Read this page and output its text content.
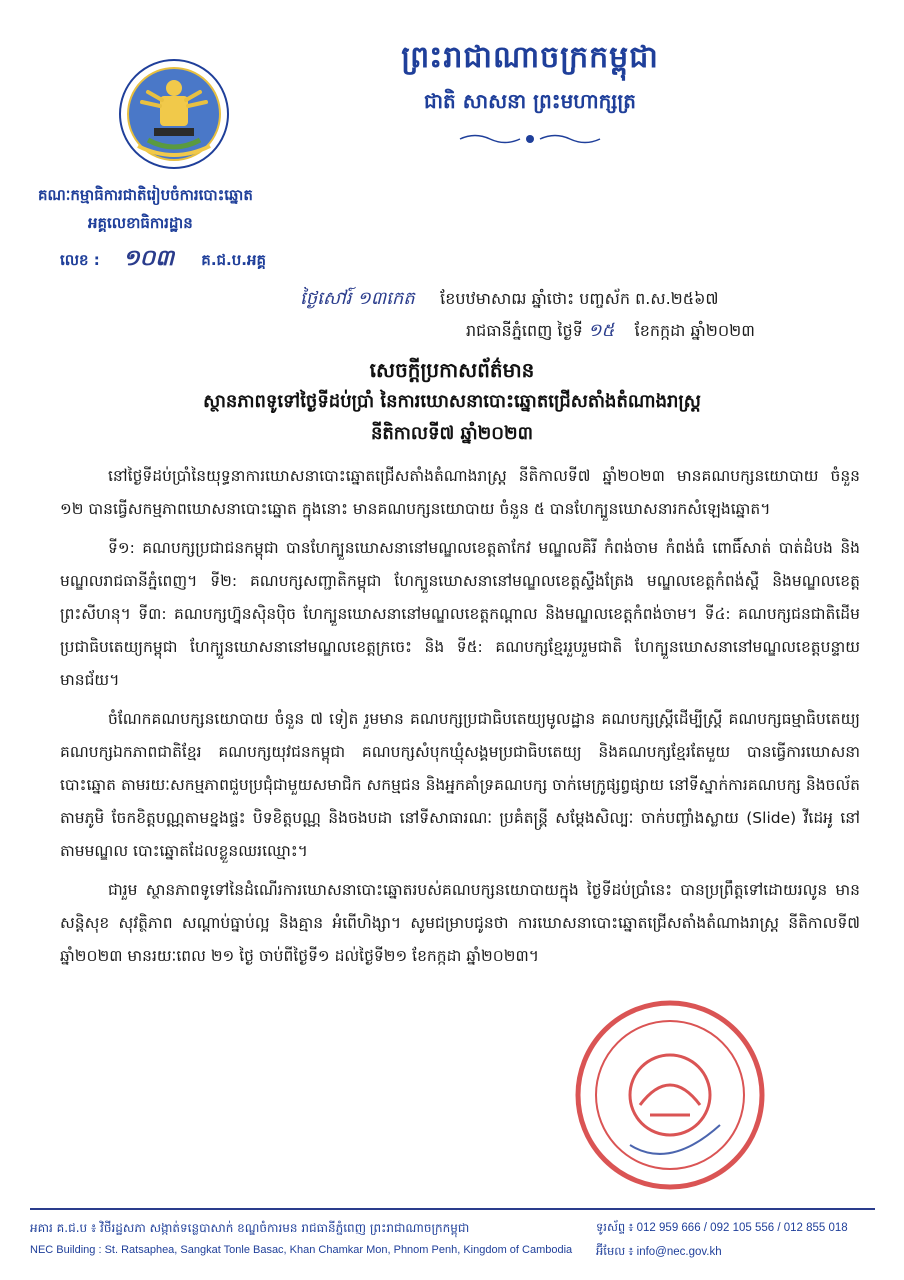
ព្រះរាជាណាចក្រកម្ពុជា
ជាតិ សាសនា ព្រះមហាក្សត្រ
គណៈកម្មាធិការជាតិរៀបចំការបោះឆ្នោត
អគ្គលេខាធិការដ្ឋាន
លេខ : ១០៣ គ.ជ.ប.អគ្គ
ថ្ងៃសៅរ៍ ១៣កេត ខែបឋមាសាឍ ឆ្នាំថោះ បញ្ចស័ក ព.ស.២៥៦៧
រាជធានីភ្នំពេញ ថ្ងៃទី ១៥ ខែកក្កដា ឆ្នាំ២០២៣
សេចក្តីប្រកាសព័ត៌មាន
ស្ថានភាពទូទៅថ្ងៃទីដប់ប្រាំ នៃការឃោសនាបោះឆ្នោតជ្រើសតាំងតំណាងរាស្ត្រ
នីតិកាលទី៧ ឆ្នាំ២០២៣

នៅថ្ងៃទីដប់ប្រាំនៃយុទ្ធនាការឃោសនាបោះឆ្នោតជ្រើសតាំងតំណាងរាស្ត្រ នីតិកាលទី៧ ឆ្នាំ២០២៣ មានគណបក្សនយោបាយ ចំនួន ១២ បានធ្វើសកម្មភាពឃោសនាបោះឆ្នោត ក្នុងនោះ មានគណបក្សនយោបាយ ចំនួន ៥ បានហែក្បួនឃោសនារកសំឡេងឆ្នោត។

ទី១: គណបក្សប្រជាជនកម្ពុជា បានហែក្បួនឃោសនានៅមណ្ឌលខេត្តតាកែវ មណ្ឌលគិរី កំពង់ចាម កំពង់ធំ ពោធិ៍សាត់ បាត់ដំបង និងមណ្ឌលរាជធានីភ្នំពេញ។ ទី២: គណបក្សសញ្ជាតិកម្ពុជា ហែក្បួនឃោសនានៅមណ្ឌលខេត្តស្ទឹងត្រែង មណ្ឌលខេត្តកំពង់ស្ពឺ និងមណ្ឌលខេត្តព្រះសីហនុ។ ទី៣: គណបក្សហ្វ៊ុនស៊ិនប៉ិច ហែក្បួនឃោសនានៅមណ្ឌលខេត្តកណ្តាល និងមណ្ឌលខេត្តកំពង់ចាម។ ទី៤: គណបក្សជនជាតិដើមប្រជាធិបតេយ្យកម្ពុជា ហែក្បួនឃោសនានៅមណ្ឌលខេត្តក្រចេះ និង ទី៥: គណបក្សខ្មែររួបរួមជាតិ ហែក្បួនឃោសនានៅមណ្ឌលខេត្តបន្ទាយមានជ័យ។

ចំណែកគណបក្សនយោបាយ ចំនួន ៧ ទៀត រួមមាន គណបក្សប្រជាធិបតេយ្យមូលដ្ឋាន គណបក្សស្ត្រីដើម្បីស្ត្រី គណបក្សធម្មាធិបតេយ្យ គណបក្សឯកភាពជាតិខ្មែរ គណបក្សយុវជនកម្ពុជា គណបក្សសំបុកឃ្មុំសង្គមប្រជាធិបតេយ្យ និងគណបក្សខ្មែរតែមួយ បានធ្វើការឃោសនាបោះឆ្នោត តាមរយៈសកម្មភាពជួបប្រជុំជាមួយសមាជិក សកម្មជន និងអ្នកគាំទ្រគណបក្ស ចាក់មេក្រូផ្សព្វផ្សាយ នៅទីស្នាក់ការគណបក្ស និងចល័តតាមភូមិ ចែកខិត្តបណ្ណតាមខ្នងផ្ទះ បិទខិត្តបណ្ណ និងចងបដា នៅទីសាធារណៈ ប្រគំតន្ត្រី សម្តែងសិល្បៈ ចាក់បញ្ចាំងស្លាយ (Slide) វីដេអូ នៅតាមមណ្ឌល បោះឆ្នោតដែលខ្លួនឈរឈ្មោះ។

ជារួម ស្ថានភាពទូទៅនៃដំណើរការឃោសនាបោះឆ្នោតរបស់គណបក្សនយោបាយក្នុង ថ្ងៃទីដប់ប្រាំនេះ បានប្រព្រឹត្តទៅដោយរលូន មានសន្តិសុខ សុវត្ថិភាព សណ្តាប់ធ្នាប់ល្អ និងគ្មាន អំពើហិង្សា។ សូមជម្រាបជូនថា ការឃោសនាបោះឆ្នោតជ្រើសតាំងតំណាងរាស្ត្រ នីតិកាលទី៧ ឆ្នាំ២០២៣ មានរយៈពេល ២១ ថ្ងៃ ចាប់ពីថ្ងៃទី១ ដល់ថ្ងៃទី២១ ខែកក្កដា ឆ្នាំ២០២៣។

អគារ គ.ជ.ប ៖ វិថីរដ្ឋសភា សង្កាត់ទន្លេបាសាក់ ខណ្ឌចំការមន រាជធានីភ្នំពេញ ព្រះរាជាណាចក្រកម្ពុជា
NEC Building : St. Ratsaphea, Sangkat Tonle Basac, Khan Chamkar Mon, Phnom Penh, Kingdom of Cambodia
ទូរស័ព្ទ ៖ 012 959 666 / 092 105 556 / 012 855 018
អ៊ីមែល ៖ info@nec.gov.kh
